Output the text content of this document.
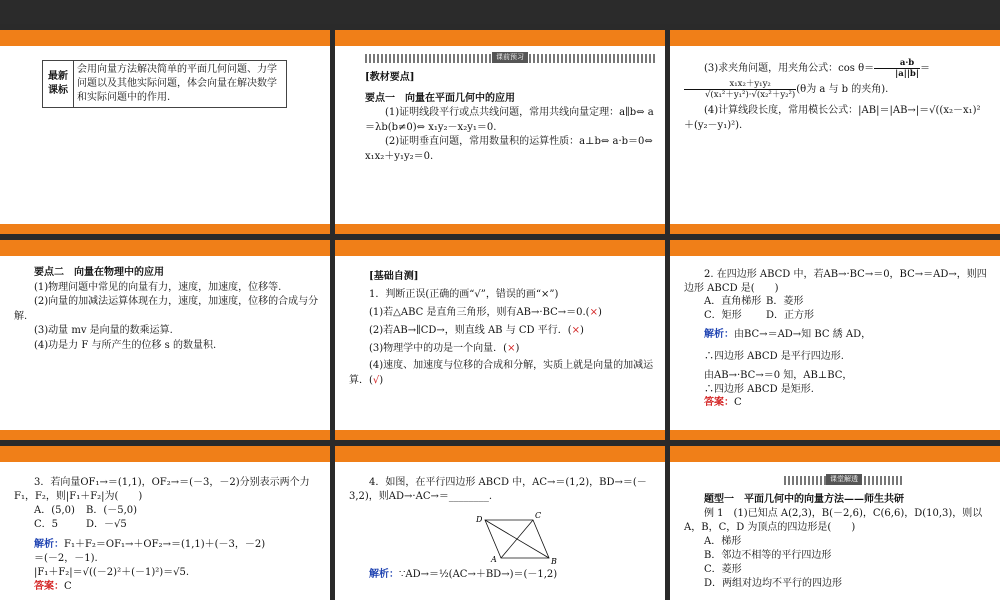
最新课标	会用向量方法解决简单的平面几何问题、力学问题以及其他实际问题，体会向量在解决数学和实际问题中的作用.
课前预习

[教材要点]

要点一　向量在平面几何中的应用

(1)证明线段平行或点共线问题，常用共线向量定理：a∥b⇔ a＝λb(b≠0)⇔ x₁y₂－x₂y₁＝0.

(2)证明垂直问题，常用数量积的运算性质：a⊥b⇔ a·b＝0⇔ x₁x₂＋y₁y₂＝0.

(3)求夹角问题，用夹角公式：$\cos \theta= \frac{a\cdot b}{|a||b|}$ ＝
$\frac{\text{x₁x₂＋y₁y₂}}{\text{√(x₁²＋y₁²)·√(x₂²＋y₂²)}} (\theta$为 a 与 b 的夹角).

(4)计算线段长度，常用模长公式：|AB|＝|AB→|＝√((x₂－x₁)²＋(y₂－y₁)²).

要点二　向量在物理中的应用

(1)物理问题中常见的向量有力，速度，加速度，位移等.

(2)向量的加减法运算体现在力，速度，加速度，位移的合成与分解.

(3)动量 mv 是向量的数乘运算.

(4)功是力 F 与所产生的位移 s 的数量积.

[基础自测]

1．判断正误(正确的画“√”，错误的画“×”)

(1)若△ABC 是直角三角形，则有AB→·BC→＝0.(×)

(2)若AB→∥CD→，则直线 AB 与 CD 平行．(×)

(3)物理学中的功是一个向量．(×)

(4)速度、加速度与位移的合成和分解，实质上就是向量的加减运算．(√)

2. 在四边形 ABCD 中，若AB→·BC→＝0，BC→＝AD→，则四边形 ABCD 是(　　)

A．直角梯形 B．菱形
C．矩形 D．正方形

解析：由BC→＝AD→知 BC 綉 AD，

∴四边形 ABCD 是平行四边形.

由AB→·BC→＝0 知，AB⊥BC，

∴四边形 ABCD 是矩形.

答案：C

3．若向量OF₁→＝(1,1)，OF₂→＝(－3，－2)分别表示两个力 F₁，F₂，则|F₁＋F₂|为(　　)

A．(5,0) B．(－5,0)
C．5	D．－√5

解析：F₁＋F₂＝OF₁→＋OF₂→＝(1,1)＋(－3，－2)

＝(－2，－1).

|F₁＋F₂|＝√((－2)²＋(－1)²)＝√5.

答案：C

4．如图，在平行四边形 ABCD 中，AC→＝(1,2)，BD→＝(－3,2)，则AD→·AC→＝________.

D	C
A	B

解析：∵AD→＝½(AC→＋BD→)＝(－1,2)

课堂解透

题型一　平面几何中的向量方法——师生共研

例 1　(1)已知点 A(2,3)，B(－2,6)，C(6,6)，D(10,3)，则以 A，B，C，D 为顶点的四边形是(　　)

A．梯形

B．邻边不相等的平行四边形

C．菱形

D．两组对边均不平行的四边形
